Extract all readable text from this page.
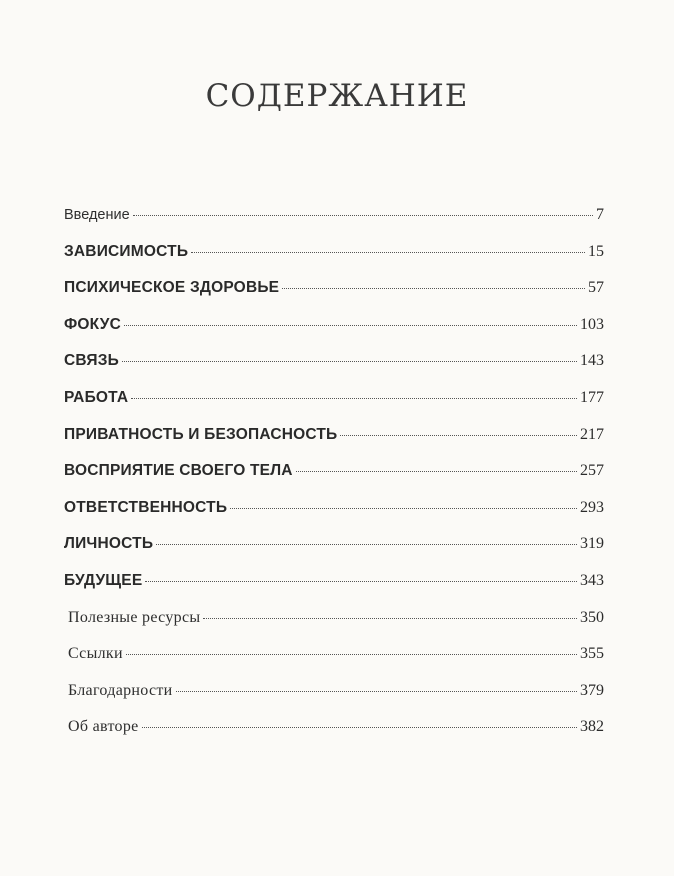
СОДЕРЖАНИЕ
Введение	7
ЗАВИСИМОСТЬ	15
ПСИХИЧЕСКОЕ ЗДОРОВЬЕ	57
ФОКУС	103
СВЯЗЬ	143
РАБОТА	177
ПРИВАТНОСТЬ И БЕЗОПАСНОСТЬ	217
ВОСПРИЯТИЕ СВОЕГО ТЕЛА	257
ОТВЕТСТВЕННОСТЬ	293
ЛИЧНОСТЬ	319
БУДУЩЕЕ	343
Полезные ресурсы	350
Ссылки	355
Благодарности	379
Об авторе	382
